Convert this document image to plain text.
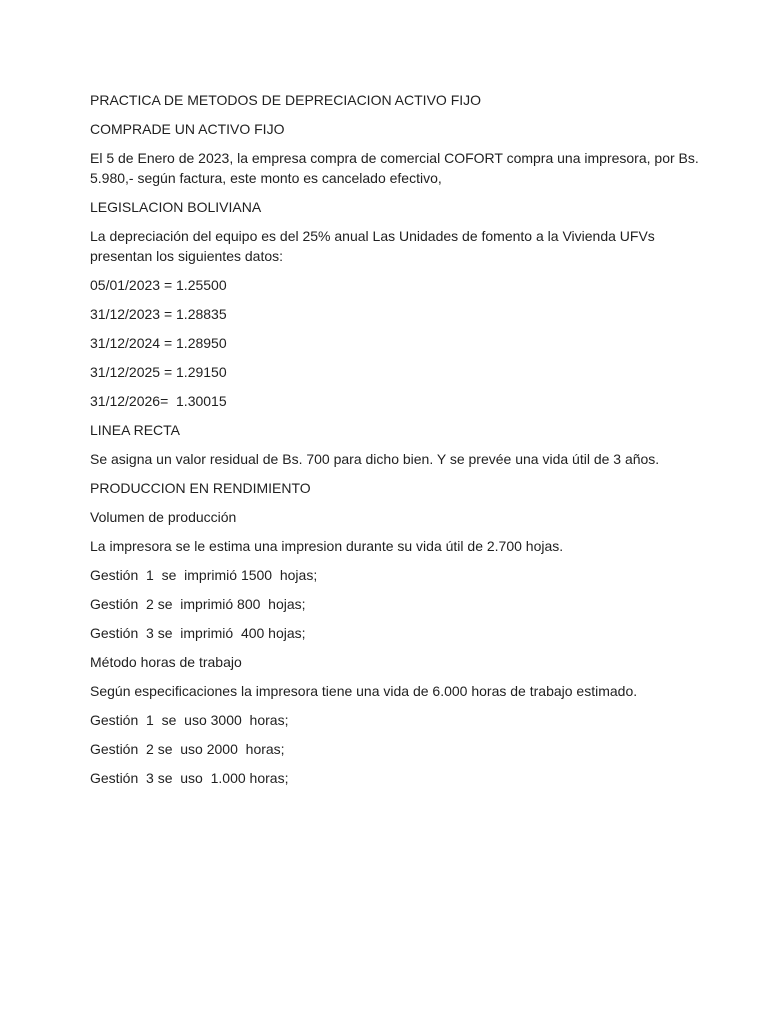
PRACTICA DE METODOS DE DEPRECIACION ACTIVO FIJO
COMPRADE UN ACTIVO FIJO
El 5 de Enero de 2023, la empresa compra de comercial COFORT compra una impresora, por Bs.
5.980,- según factura, este monto es cancelado efectivo,
LEGISLACION BOLIVIANA
La depreciación del equipo es del 25% anual Las Unidades de fomento a la Vivienda UFVs
presentan los siguientes datos:
05/01/2023 = 1.25500
31/12/2023 = 1.28835
31/12/2024 = 1.28950
31/12/2025 = 1.29150
31/12/2026=  1.30015
LINEA RECTA
Se asigna un valor residual de Bs. 700 para dicho bien. Y se prevée una vida útil de 3 años.
PRODUCCION EN RENDIMIENTO
Volumen de producción
La impresora se le estima una impresion durante su vida útil de 2.700 hojas.
Gestión  1  se  imprimió 1500  hojas;
Gestión  2 se  imprimió 800  hojas;
Gestión  3 se  imprimió  400 hojas;
Método horas de trabajo
Según especificaciones la impresora tiene una vida de 6.000 horas de trabajo estimado.
Gestión  1  se  uso 3000  horas;
Gestión  2 se  uso 2000  horas;
Gestión  3 se  uso  1.000 horas;
